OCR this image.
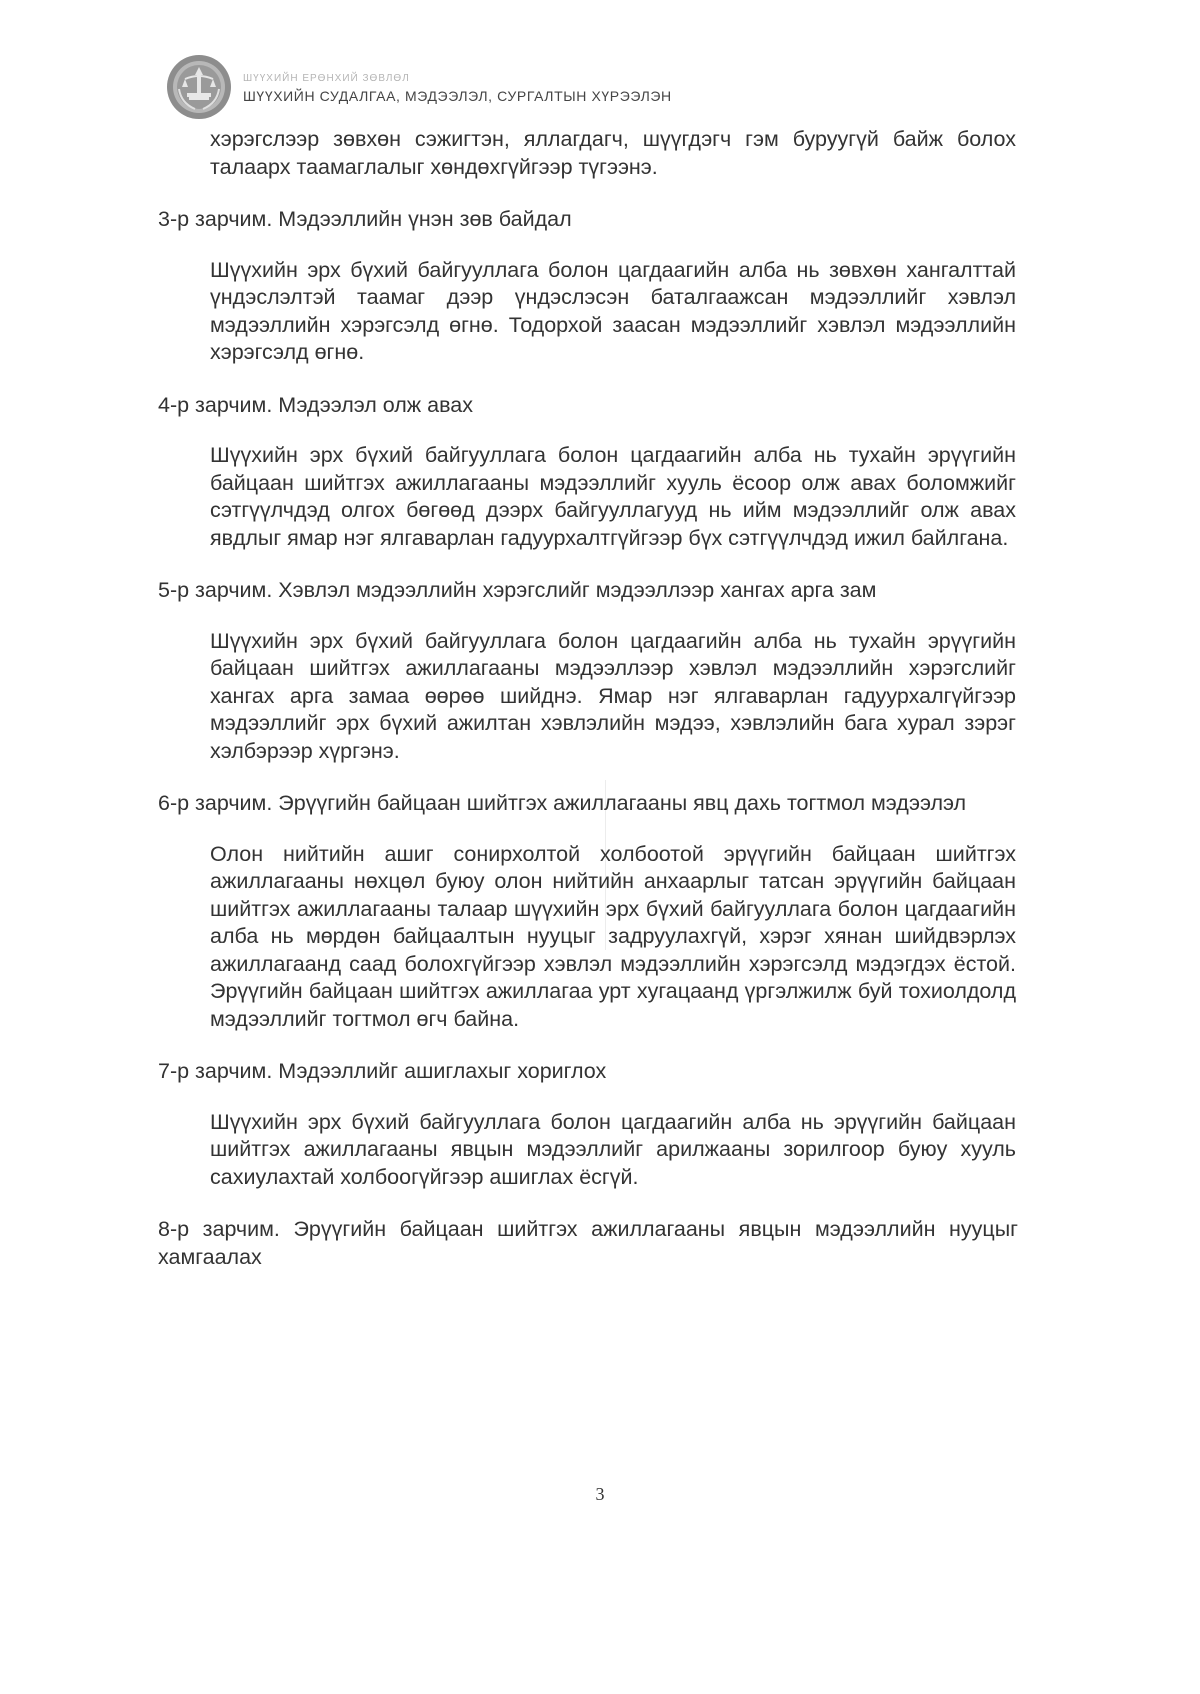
ШҮҮХИЙН ЕРӨНХИЙ ЗӨВЛӨЛ
ШҮҮХИЙН СУДАЛГАА, МЭДЭЭЛЭЛ, СУРГАЛТЫН ХҮРЭЭЛЭН

хэрэгслээр зөвхөн сэжигтэн, яллагдагч, шүүгдэгч гэм буруугүй байж болох талаарх таамаглалыг хөндөхгүйгээр түгээнэ.

3-р зарчим. Мэдээллийн үнэн зөв байдал

Шүүхийн эрх бүхий байгууллага болон цагдаагийн алба нь зөвхөн хангалттай үндэслэлтэй таамаг дээр үндэслэсэн баталгаажсан мэдээллийг хэвлэл мэдээллийн хэрэгсэлд өгнө. Тодорхой заасан мэдээллийг хэвлэл мэдээллийн хэрэгсэлд өгнө.

4-р зарчим. Мэдээлэл олж авах

Шүүхийн эрх бүхий байгууллага болон цагдаагийн алба нь тухайн эрүүгийн байцаан шийтгэх ажиллагааны мэдээллийг хууль ёсоор олж авах боломжийг сэтгүүлчдэд олгох бөгөөд дээрх байгууллагууд нь ийм мэдээллийг олж авах явдлыг ямар нэг ялгаварлан гадуурхалтгүйгээр бүх сэтгүүлчдэд ижил байлгана.

5-р зарчим. Хэвлэл мэдээллийн хэрэгслийг мэдээллээр хангах арга зам

Шүүхийн эрх бүхий байгууллага болон цагдаагийн алба нь тухайн эрүүгийн байцаан шийтгэх ажиллагааны мэдээллээр хэвлэл мэдээллийн хэрэгслийг хангах арга замаа өөрөө шийднэ. Ямар нэг ялгаварлан гадуурхалгүйгээр мэдээллийг эрх бүхий ажилтан хэвлэлийн мэдээ, хэвлэлийн бага хурал зэрэг хэлбэрээр хүргэнэ.

6-р зарчим. Эрүүгийн байцаан шийтгэх ажиллагааны явц дахь тогтмол мэдээлэл

Олон нийтийн ашиг сонирхолтой холбоотой эрүүгийн байцаан шийтгэх ажиллагааны нөхцөл буюу олон нийтийн анхаарлыг татсан эрүүгийн байцаан шийтгэх ажиллагааны талаар шүүхийн эрх бүхий байгууллага болон цагдаагийн алба нь мөрдөн байцаалтын нууцыг задруулахгүй, хэрэг хянан шийдвэрлэх ажиллагаанд саад болохгүйгээр хэвлэл мэдээллийн хэрэгсэлд мэдэгдэх ёстой. Эрүүгийн байцаан шийтгэх ажиллагаа урт хугацаанд үргэлжилж буй тохиолдолд мэдээллийг тогтмол өгч байна.

7-р зарчим. Мэдээллийг ашиглахыг хориглох

Шүүхийн эрх бүхий байгууллага болон цагдаагийн алба нь эрүүгийн байцаан шийтгэх ажиллагааны явцын мэдээллийг арилжааны зорилгоор буюу хууль сахиулахтай холбоогүйгээр ашиглах ёсгүй.

8-р зарчим. Эрүүгийн байцаан шийтгэх ажиллагааны явцын мэдээллийн нууцыг хамгаалах

3
